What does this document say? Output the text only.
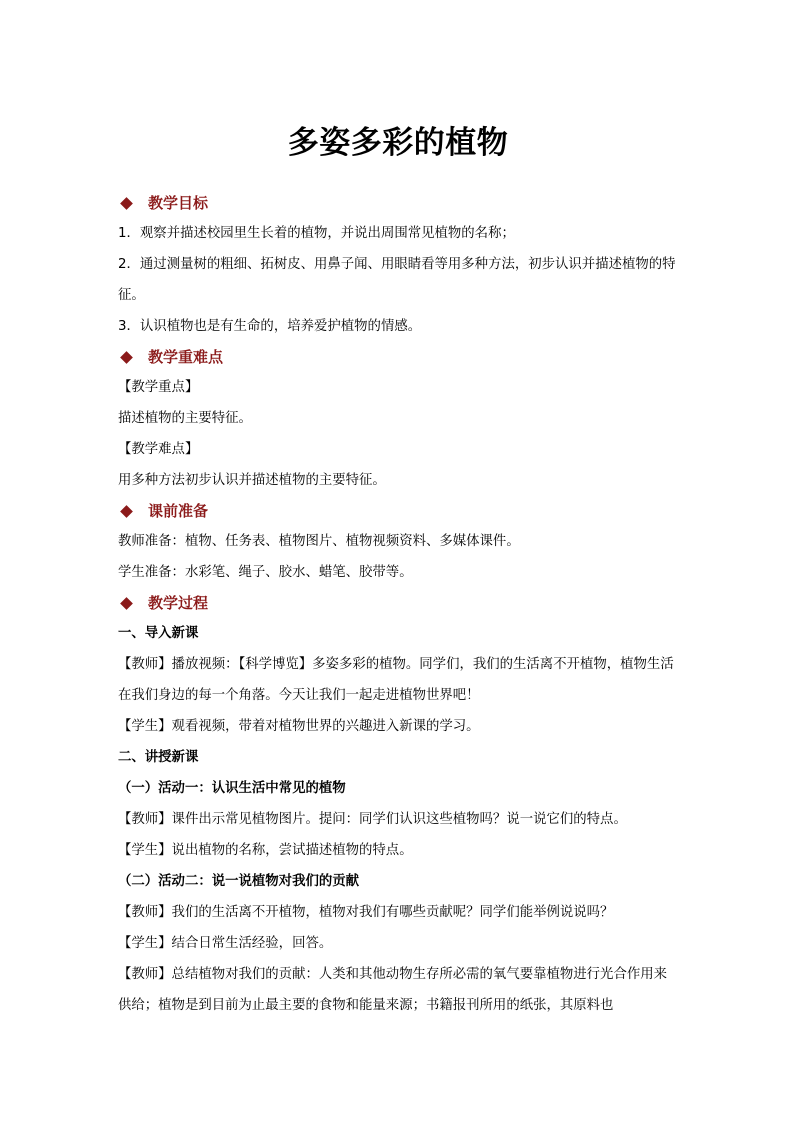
多姿多彩的植物
教学目标

1．观察并描述校园里生长着的植物，并说出周围常见植物的名称；

2．通过测量树的粗细、拓树皮、用鼻子闻、用眼睛看等用多种方法，初步认识并描述植物的特征。

3．认识植物也是有生命的，培养爱护植物的情感。

教学重难点

【教学重点】

描述植物的主要特征。

【教学难点】

用多种方法初步认识并描述植物的主要特征。

课前准备

教师准备：植物、任务表、植物图片、植物视频资料、多媒体课件。

学生准备：水彩笔、绳子、胶水、蜡笔、胶带等。

教学过程

一、导入新课

【教师】播放视频：【科学博览】多姿多彩的植物。同学们，我们的生活离不开植物，植物生活在我们身边的每一个角落。今天让我们一起走进植物世界吧！

【学生】观看视频，带着对植物世界的兴趣进入新课的学习。

二、讲授新课

（一）活动一：认识生活中常见的植物

【教师】课件出示常见植物图片。提问：同学们认识这些植物吗？说一说它们的特点。

【学生】说出植物的名称，尝试描述植物的特点。

（二）活动二：说一说植物对我们的贡献

【教师】我们的生活离不开植物，植物对我们有哪些贡献呢？同学们能举例说说吗？

【学生】结合日常生活经验，回答。

【教师】总结植物对我们的贡献：人类和其他动物生存所必需的氧气要靠植物进行光合作用来供给；植物是到目前为止最主要的食物和能量来源；书籍报刊所用的纸张，其原料也
